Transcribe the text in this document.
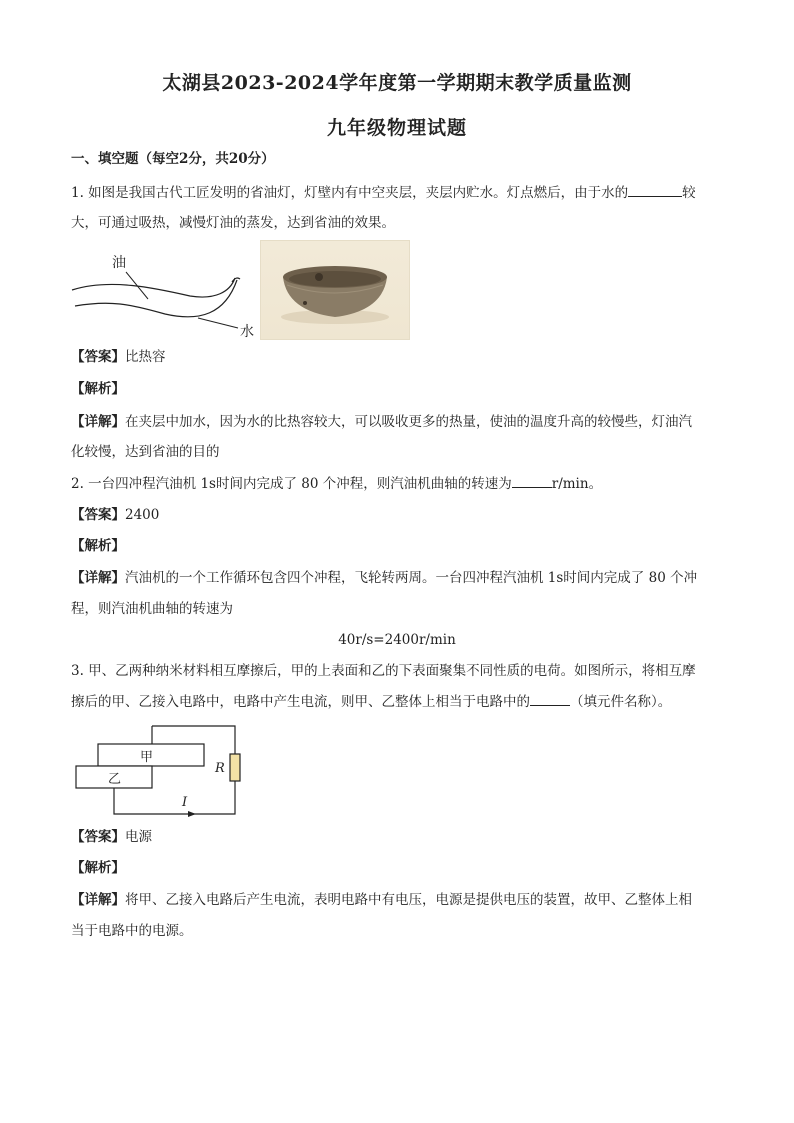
太湖县2023-2024学年度第一学期期末教学质量监测
九年级物理试题
一、填空题（每空2分，共20分）
1. 如图是我国古代工匠发明的省油灯，灯壁内有中空夹层，夹层内贮水。灯点燃后，由于水的	较
大，可通过吸热，减慢灯油的蒸发，达到省油的效果。
油
水
【答案】比热容
【解析】
【详解】在夹层中加水，因为水的比热容较大，可以吸收更多的热量，使油的温度升高的较慢些，灯油汽
化较慢，达到省油的目的
2. 一台四冲程汽油机 1s时间内完成了 80 个冲程，则汽油机曲轴的转速为	r/min。
【答案】2400
【解析】
【详解】汽油机的一个工作循环包含四个冲程，飞轮转两周。一台四冲程汽油机 1s时间内完成了 80 个冲
程，则汽油机曲轴的转速为
40r/s=2400r/min
3. 甲、乙两种纳米材料相互摩擦后，甲的上表面和乙的下表面聚集不同性质的电荷。如图所示，将相互摩
擦后的甲、乙接入电路中，电路中产生电流，则甲、乙整体上相当于电路中的	（填元件名称）。
甲
乙
R
I
【答案】电源
【解析】
【详解】将甲、乙接入电路后产生电流，表明电路中有电压，电源是提供电压的装置，故甲、乙整体上相
当于电路中的电源。
